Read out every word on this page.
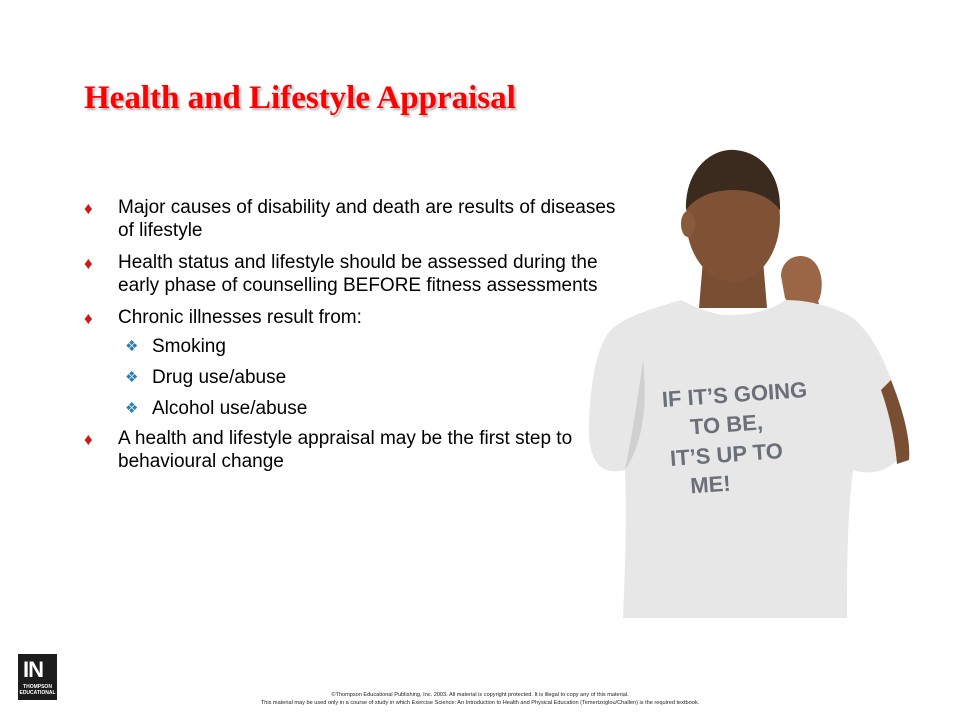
Health and Lifestyle Appraisal
♦ Major causes of disability and death are results of diseases of lifestyle
♦ Health status and lifestyle should be assessed during the early phase of counselling BEFORE fitness assessments
♦ Chronic illnesses result from:
❖ Smoking
❖ Drug use/abuse
❖ Alcohol use/abuse
♦ A health and lifestyle appraisal may be the first step to behavioural change
IF IT’S GOING
TO BE,
IT’S UP TO
ME!
IN
THOMPSON EDUCATIONAL	©Thompson Educational Publishing, Inc. 2003. All material is copyright protected. It is illegal to copy any of this material.
This material may be used only in a course of study in which Exercise Science: An Introduction to Health and Physical Education (Temertzoglou/Challen) is the required textbook.
